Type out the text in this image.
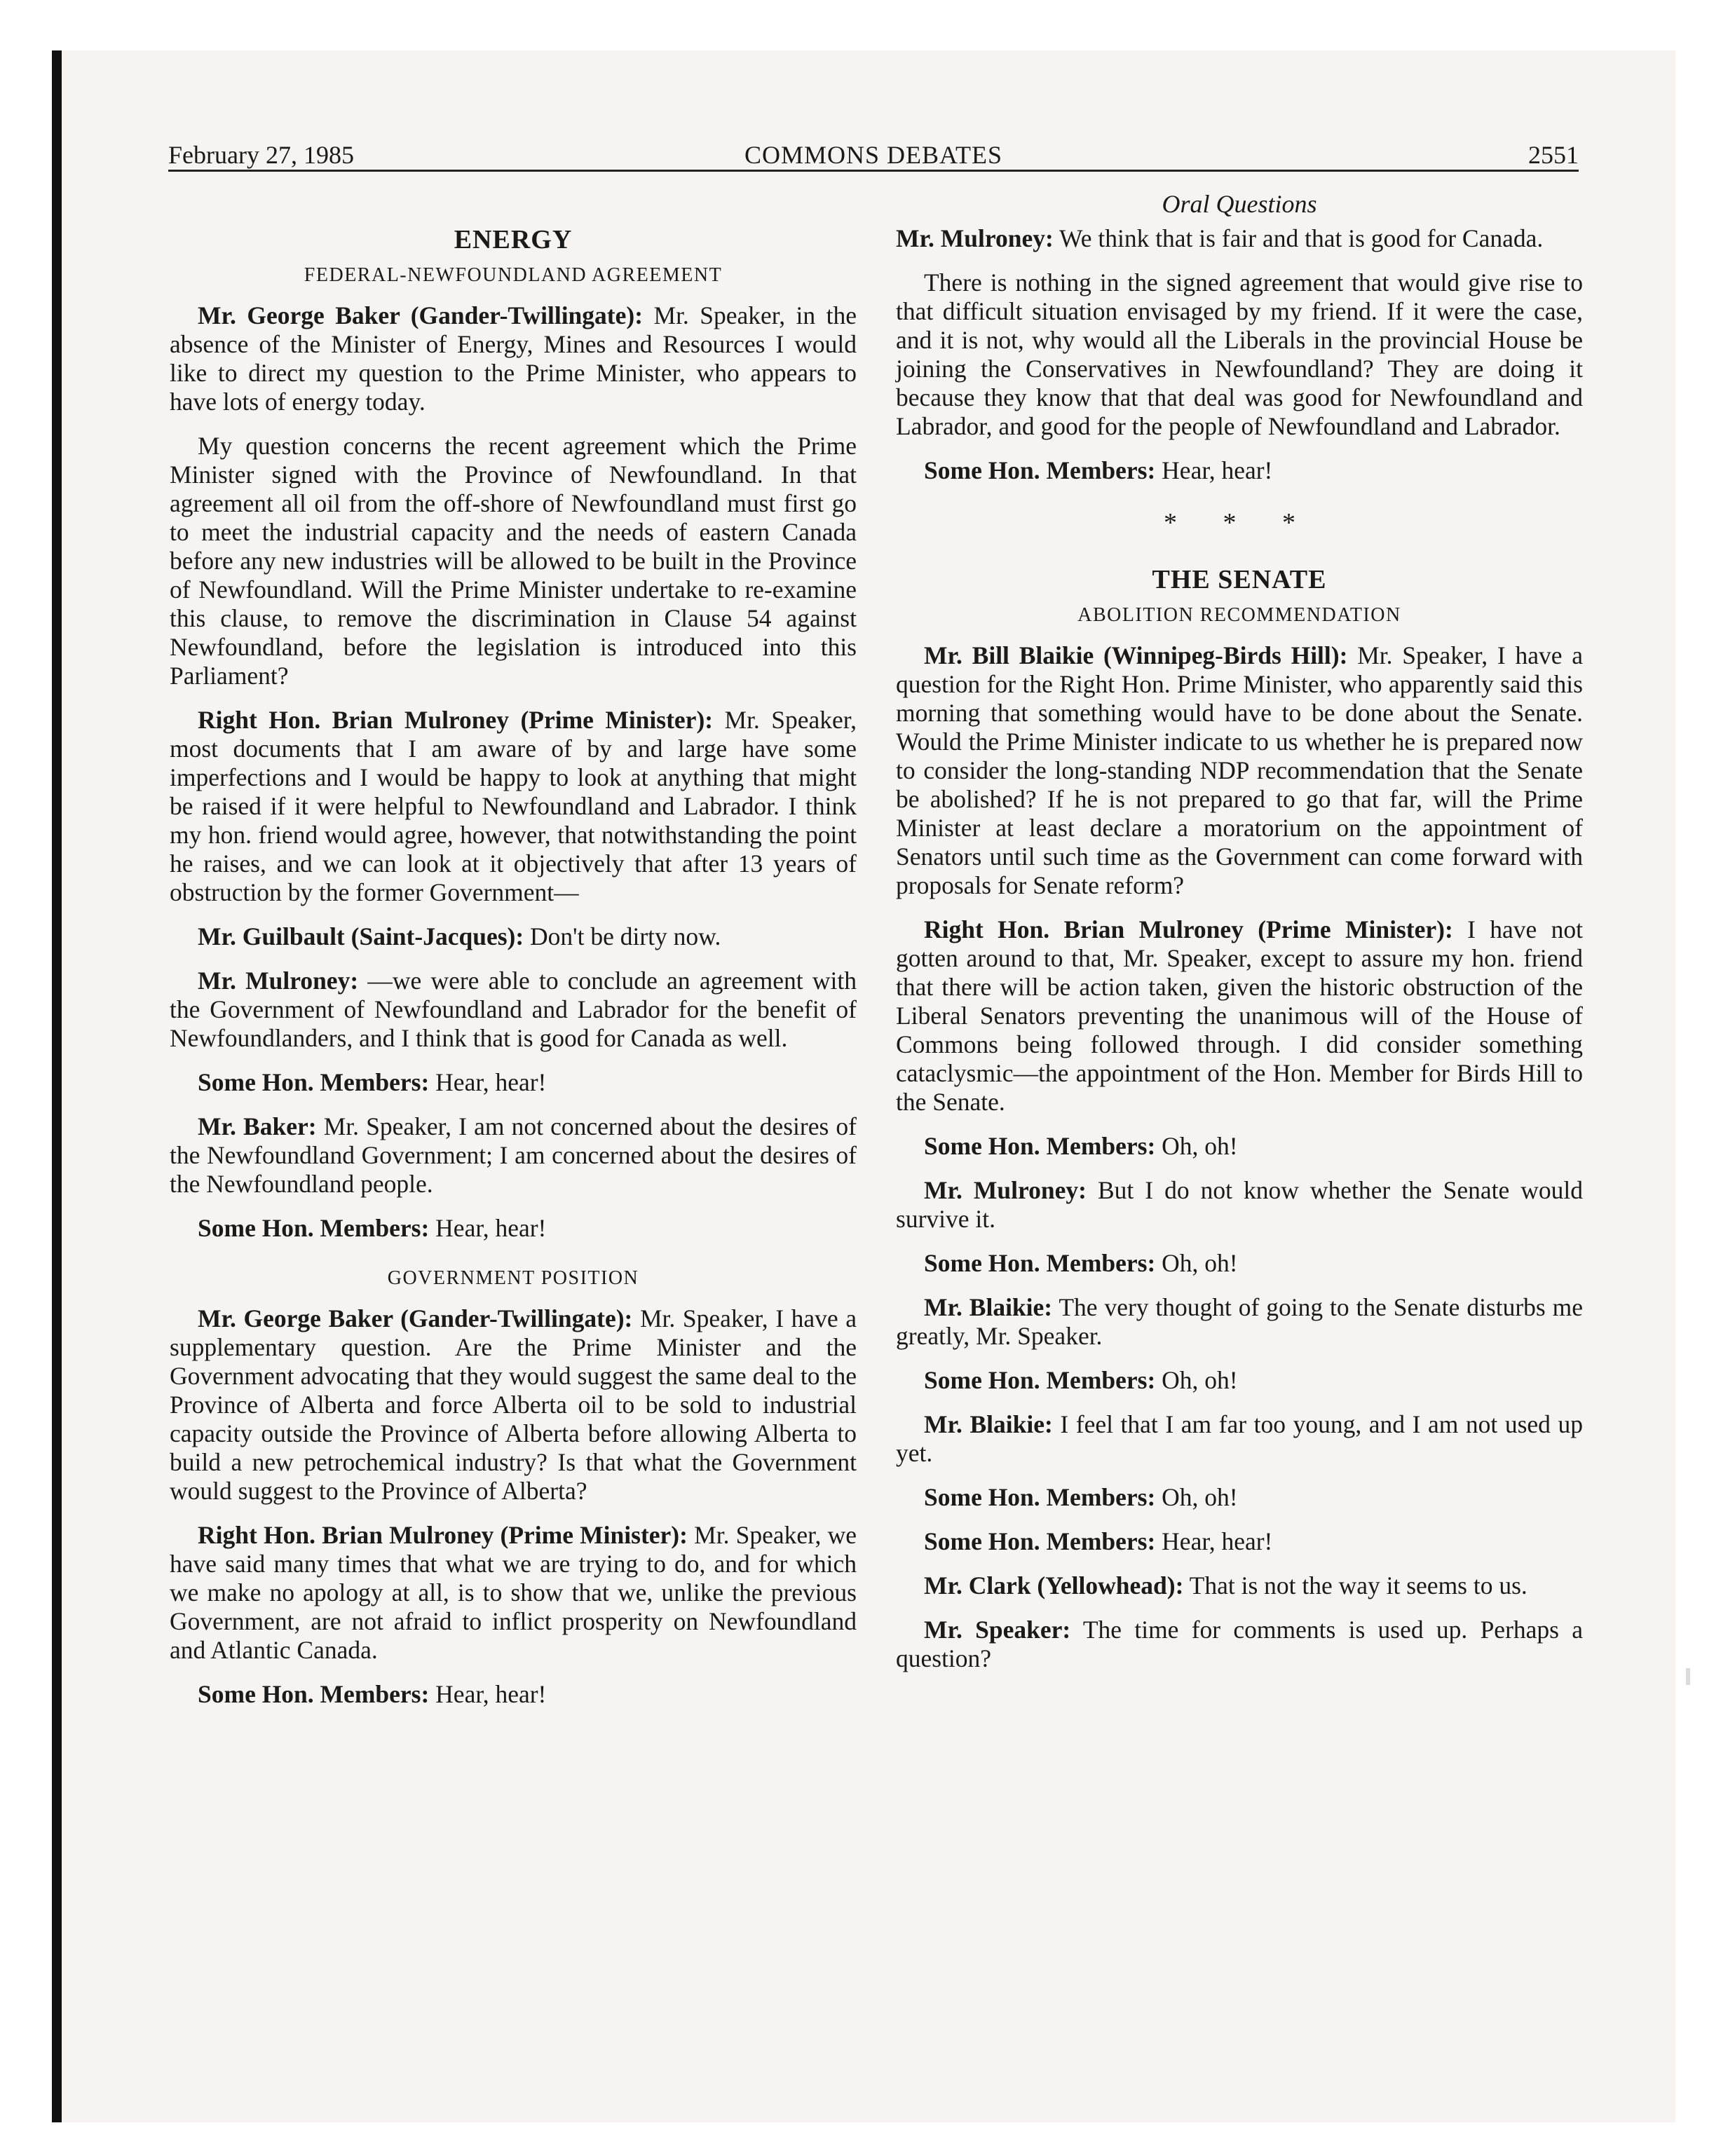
February 27, 1985	COMMONS DEBATES	2551
ENERGY
FEDERAL-NEWFOUNDLAND AGREEMENT

Mr. George Baker (Gander-Twillingate): Mr. Speaker, in the absence of the Minister of Energy, Mines and Resources I would like to direct my question to the Prime Minister, who appears to have lots of energy today.

My question concerns the recent agreement which the Prime Minister signed with the Province of Newfoundland. In that agreement all oil from the off-shore of Newfoundland must first go to meet the industrial capacity and the needs of eastern Canada before any new industries will be allowed to be built in the Province of Newfoundland. Will the Prime Minister undertake to re-examine this clause, to remove the discrimination in Clause 54 against Newfoundland, before the legislation is introduced into this Parliament?

Right Hon. Brian Mulroney (Prime Minister): Mr. Speaker, most documents that I am aware of by and large have some imperfections and I would be happy to look at anything that might be raised if it were helpful to Newfoundland and Labrador. I think my hon. friend would agree, however, that notwithstanding the point he raises, and we can look at it objectively that after 13 years of obstruction by the former Government—

Mr. Guilbault (Saint-Jacques): Don't be dirty now.

Mr. Mulroney: —we were able to conclude an agreement with the Government of Newfoundland and Labrador for the benefit of Newfoundlanders, and I think that is good for Canada as well.

Some Hon. Members: Hear, hear!

Mr. Baker: Mr. Speaker, I am not concerned about the desires of the Newfoundland Government; I am concerned about the desires of the Newfoundland people.

Some Hon. Members: Hear, hear!

GOVERNMENT POSITION

Mr. George Baker (Gander-Twillingate): Mr. Speaker, I have a supplementary question. Are the Prime Minister and the Government advocating that they would suggest the same deal to the Province of Alberta and force Alberta oil to be sold to industrial capacity outside the Province of Alberta before allowing Alberta to build a new petrochemical industry? Is that what the Government would suggest to the Province of Alberta?

Right Hon. Brian Mulroney (Prime Minister): Mr. Speaker, we have said many times that what we are trying to do, and for which we make no apology at all, is to show that we, unlike the previous Government, are not afraid to inflict prosperity on Newfoundland and Atlantic Canada.

Some Hon. Members: Hear, hear!

Oral Questions

Mr. Mulroney: We think that is fair and that is good for Canada.

There is nothing in the signed agreement that would give rise to that difficult situation envisaged by my friend. If it were the case, and it is not, why would all the Liberals in the provincial House be joining the Conservatives in Newfoundland? They are doing it because they know that that deal was good for Newfoundland and Labrador, and good for the people of Newfoundland and Labrador.

Some Hon. Members: Hear, hear!

* * *
THE SENATE
ABOLITION RECOMMENDATION

Mr. Bill Blaikie (Winnipeg-Birds Hill): Mr. Speaker, I have a question for the Right Hon. Prime Minister, who apparently said this morning that something would have to be done about the Senate. Would the Prime Minister indicate to us whether he is prepared now to consider the long-standing NDP recommendation that the Senate be abolished? If he is not prepared to go that far, will the Prime Minister at least declare a moratorium on the appointment of Senators until such time as the Government can come forward with proposals for Senate reform?

Right Hon. Brian Mulroney (Prime Minister): I have not gotten around to that, Mr. Speaker, except to assure my hon. friend that there will be action taken, given the historic obstruction of the Liberal Senators preventing the unanimous will of the House of Commons being followed through. I did consider something cataclysmic—the appointment of the Hon. Member for Birds Hill to the Senate.

Some Hon. Members: Oh, oh!

Mr. Mulroney: But I do not know whether the Senate would survive it.

Some Hon. Members: Oh, oh!

Mr. Blaikie: The very thought of going to the Senate disturbs me greatly, Mr. Speaker.

Some Hon. Members: Oh, oh!

Mr. Blaikie: I feel that I am far too young, and I am not used up yet.

Some Hon. Members: Oh, oh!

Some Hon. Members: Hear, hear!

Mr. Clark (Yellowhead): That is not the way it seems to us.

Mr. Speaker: The time for comments is used up. Perhaps a question?
